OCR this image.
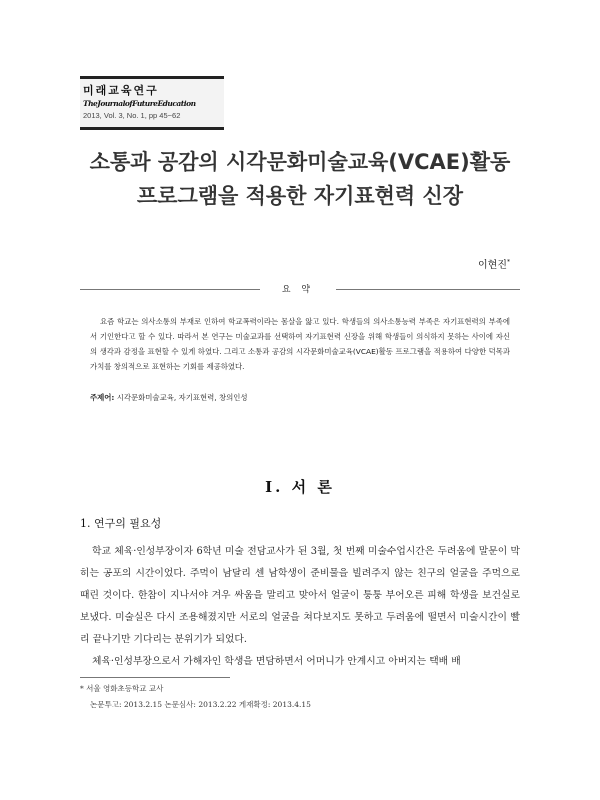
미래교육연구
TheJournalofFutureEducation
2013, Vol. 3, No. 1, pp 45~62
소통과 공감의 시각문화미술교육(VCAE)활동
프로그램을 적용한 자기표현력 신장
이현진*
요 약
요즘 학교는 의사소통의 부재로 인하여 학교폭력이라는 몸살을 앓고 있다. 학생들의 의사소통능력 부족은 자기표현력의 부족에서 기인한다고 할 수 있다. 따라서 본 연구는 미술교과를 선택하여 자기표현력 신장을 위해 학생들이 의식하지 못하는 사이에 자신의 생각과 감정을 표현할 수 있게 하였다. 그리고 소통과 공감의 시각문화미술교육(VCAE)활동 프로그램을 적용하여 다양한 덕목과 가치를 창의적으로 표현하는 기회를 제공하였다.
주제어: 시각문화미술교육, 자기표현력, 창의인성
Ⅰ. 서 론
1. 연구의 필요성
학교 체육·인성부장이자 6학년 미술 전담교사가 된 3월, 첫 번째 미술수업시간은 두려움에 말문이 막히는 공포의 시간이었다. 주먹이 남달리 센 남학생이 준비물을 빌려주지 않는 친구의 얼굴을 주먹으로 때린 것이다. 한참이 지나서야 겨우 싸움을 말리고 맞아서 얼굴이 퉁퉁 부어오른 피해 학생을 보건실로 보냈다. 미술실은 다시 조용해졌지만 서로의 얼굴을 쳐다보지도 못하고 두려움에 떨면서 미술시간이 빨리 끝나기만 기다리는 분위기가 되었다.
체육·인성부장으로서 가해자인 학생을 면담하면서 어머니가 안계시고 아버지는 택배 배
* 서울 영화초등학교 교사
논문투고: 2013.2.15 논문심사: 2013.2.22 게재확정: 2013.4.15
